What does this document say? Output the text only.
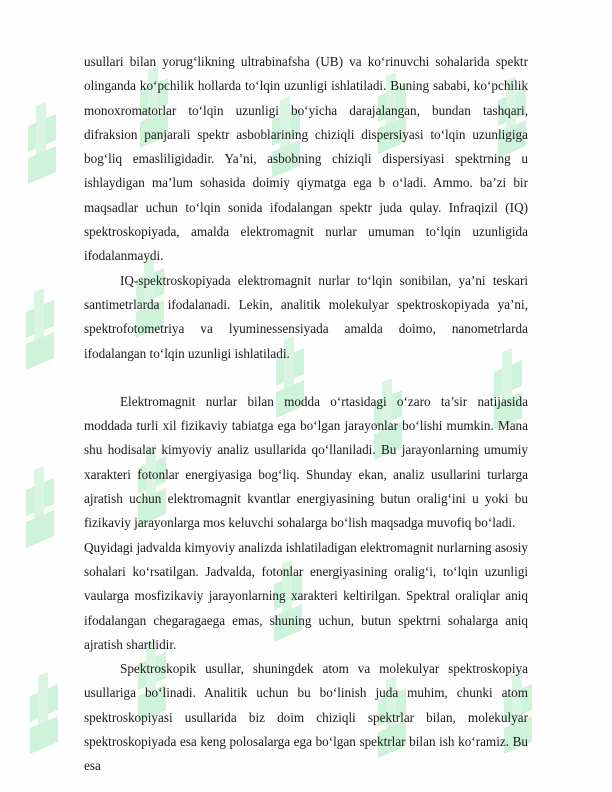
usullari bilan yorug‘likning ultrabinafsha (UB) va ko‘rinuvchi sohalarida spektr olinganda ko‘pchilik hollarda to‘lqin uzunligi ishlatiladi. Buning sababi, ko‘pchilik monoxromatorlar to‘lqin uzunligi bo‘yicha darajalangan, bundan tashqari, difraksion panjarali spektr asboblarining chiziqli dispersiyasi to‘lqin uzunligiga bog‘liq emasliligidadir. Ya’ni, asbobning chiziqli dispersiyasi spektrning u ishlaydigan ma’lum sohasida doimiy qiymatga ega b o‘ladi. Ammo. ba’zi bir maqsadlar uchun to‘lqin sonida ifodalangan spektr juda qulay. Infraqizil (IQ) spektroskopiyada, amalda elektromagnit nurlar umuman to‘lqin uzunligida ifodalanmaydi.

IQ-spektroskopiyada elektromagnit nurlar to‘lqin sonibilan, ya’ni teskari santimetrlarda ifodalanadi. Lekin, analitik molekulyar spektroskopiyada ya’ni, spektrofotometriya va lyuminessensiyada amalda doimo, nanometrlarda ifodalangan to‘lqin uzunligi ishlatiladi.

Elektromagnit nurlar bilan modda o‘rtasidagi o‘zaro ta’sir natijasida moddada turli xil fizikaviy tabiatga ega bo‘lgan jarayonlar bo‘lishi mumkin. Mana shu hodisalar kimyoviy analiz usullarida qo‘llaniladi. Bu jarayonlarning umumiy xarakteri fotonlar energiyasiga bog‘liq. Shunday ekan, analiz usullarini turlarga ajratish uchun elektromagnit kvantlar energiyasining butun oralig‘ini u yoki bu fizikaviy jarayonlarga mos keluvchi sohalarga bo‘lish maqsadga muvofiq bo‘ladi.

Quyidagi jadvalda kimyoviy analizda ishlatiladigan elektromagnit nurlarning asosiy sohalari ko‘rsatilgan. Jadvalda, fotonlar energiyasining oralig‘i, to‘lqin uzunligi vaularga mosfizikaviy jarayonlarning xarakteri keltirilgan. Spektral oraliqlar aniq ifodalangan chegaragaega emas, shuning uchun, butun spektrni sohalarga aniq ajratish shartlidir.

Spektroskopik usullar, shuningdek atom va molekulyar spektroskopiya usullariga bo‘linadi. Analitik uchun bu bo‘linish juda muhim, chunki atom spektroskopiyasi usullarida biz doim chiziqli spektrlar bilan, molekulyar spektroskopiyada esa keng polosalarga ega bo‘lgan spektrlar bilan ish ko‘ramiz. Bu esa
